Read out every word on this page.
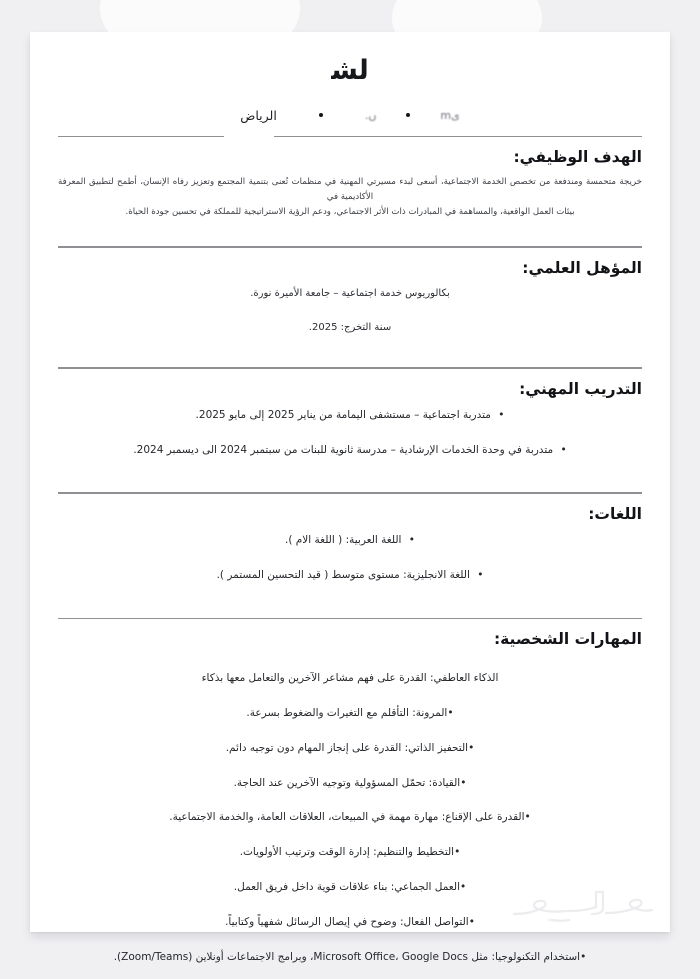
ﻟﺸ
ىm
ں.
الرياض
الهدف الوظيفي:

خريجة متحمسة ومندفعة من تخصص الخدمة الاجتماعية، أسعى لبدء مسيرتي المهنية في منظمات تُعنى بتنمية المجتمع وتعزيز رفاه الإنسان، أطمح لتطبيق المعرفة الأكاديمية في

بيئات العمل الواقعية، والمساهمة في المبادرات ذات الأثر الاجتماعي، ودعم الرؤية الاستراتيجية للمملكة في تحسين جودة الحياة.

المؤهل العلمي:

بكالوريوس خدمة اجتماعية – جامعة الأميرة نورة.

سنة التخرج: 2025.

التدريب المهني:

• متدربة اجتماعية – مستشفى اليمامة من يناير 2025 إلى مايو 2025.

• متدربة في وحدة الخدمات الإرشادية – مدرسة ثانوية للبنات من سبتمبر 2024 الى ديسمبر 2024.

اللغات:

• اللغة العربية: ( اللغة الام ).

• اللغة الانجليزية: مستوى متوسط ( قيد التحسين المستمر ).

المهارات الشخصية:

الذكاء العاطفي: القدرة على فهم مشاعر الآخرين والتعامل معها بذكاء

•المرونة: التأقلم مع التغيرات والضغوط بسرعة.

•التحفيز الذاتي: القدرة على إنجاز المهام دون توجيه دائم.

•القيادة: تحمّل المسؤولية وتوجيه الآخرين عند الحاجة.

•القدرة على الإقناع: مهارة مهمة في المبيعات، العلاقات العامة، والخدمة الاجتماعية.

•التخطيط والتنظيم: إدارة الوقت وترتيب الأولويات.

•العمل الجماعي: بناء علاقات قوية داخل فريق العمل.

•التواصل الفعال: وضوح في إيصال الرسائل شفهياً وكتابياً.

•استخدام التكنولوجيا: مثل Microsoft Office، Google Docs، وبرامج الاجتماعات أونلاين (Zoom/Teams).
